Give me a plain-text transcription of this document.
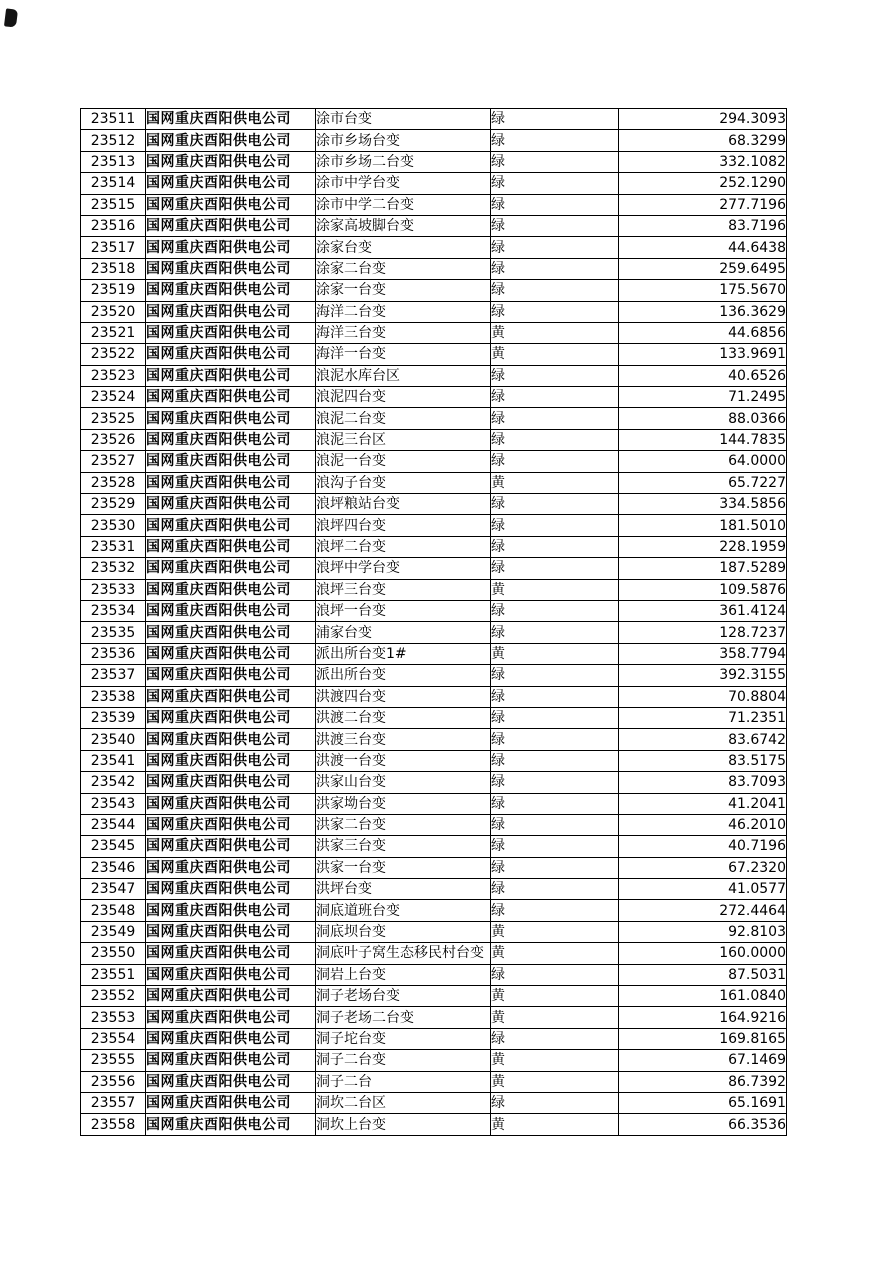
23511	国网重庆酉阳供电公司	涂市台变	绿	294.3093
23512	国网重庆酉阳供电公司	涂市乡场台变	绿	68.3299
23513	国网重庆酉阳供电公司	涂市乡场二台变	绿	332.1082
23514	国网重庆酉阳供电公司	涂市中学台变	绿	252.1290
23515	国网重庆酉阳供电公司	涂市中学二台变	绿	277.7196
23516	国网重庆酉阳供电公司	涂家高坡脚台变	绿	83.7196
23517	国网重庆酉阳供电公司	涂家台变	绿	44.6438
23518	国网重庆酉阳供电公司	涂家二台变	绿	259.6495
23519	国网重庆酉阳供电公司	涂家一台变	绿	175.5670
23520	国网重庆酉阳供电公司	海洋二台变	绿	136.3629
23521	国网重庆酉阳供电公司	海洋三台变	黄	44.6856
23522	国网重庆酉阳供电公司	海洋一台变	黄	133.9691
23523	国网重庆酉阳供电公司	浪泥水库台区	绿	40.6526
23524	国网重庆酉阳供电公司	浪泥四台变	绿	71.2495
23525	国网重庆酉阳供电公司	浪泥二台变	绿	88.0366
23526	国网重庆酉阳供电公司	浪泥三台区	绿	144.7835
23527	国网重庆酉阳供电公司	浪泥一台变	绿	64.0000
23528	国网重庆酉阳供电公司	浪沟子台变	黄	65.7227
23529	国网重庆酉阳供电公司	浪坪粮站台变	绿	334.5856
23530	国网重庆酉阳供电公司	浪坪四台变	绿	181.5010
23531	国网重庆酉阳供电公司	浪坪二台变	绿	228.1959
23532	国网重庆酉阳供电公司	浪坪中学台变	绿	187.5289
23533	国网重庆酉阳供电公司	浪坪三台变	黄	109.5876
23534	国网重庆酉阳供电公司	浪坪一台变	绿	361.4124
23535	国网重庆酉阳供电公司	浦家台变	绿	128.7237
23536	国网重庆酉阳供电公司	派出所台变1#	黄	358.7794
23537	国网重庆酉阳供电公司	派出所台变	绿	392.3155
23538	国网重庆酉阳供电公司	洪渡四台变	绿	70.8804
23539	国网重庆酉阳供电公司	洪渡二台变	绿	71.2351
23540	国网重庆酉阳供电公司	洪渡三台变	绿	83.6742
23541	国网重庆酉阳供电公司	洪渡一台变	绿	83.5175
23542	国网重庆酉阳供电公司	洪家山台变	绿	83.7093
23543	国网重庆酉阳供电公司	洪家坳台变	绿	41.2041
23544	国网重庆酉阳供电公司	洪家二台变	绿	46.2010
23545	国网重庆酉阳供电公司	洪家三台变	绿	40.7196
23546	国网重庆酉阳供电公司	洪家一台变	绿	67.2320
23547	国网重庆酉阳供电公司	洪坪台变	绿	41.0577
23548	国网重庆酉阳供电公司	洞底道班台变	绿	272.4464
23549	国网重庆酉阳供电公司	洞底坝台变	黄	92.8103
23550	国网重庆酉阳供电公司	洞底叶子窝生态移民村台变	黄	160.0000
23551	国网重庆酉阳供电公司	洞岩上台变	绿	87.5031
23552	国网重庆酉阳供电公司	洞子老场台变	黄	161.0840
23553	国网重庆酉阳供电公司	洞子老场二台变	黄	164.9216
23554	国网重庆酉阳供电公司	洞子坨台变	绿	169.8165
23555	国网重庆酉阳供电公司	洞子二台变	黄	67.1469
23556	国网重庆酉阳供电公司	洞子二台	黄	86.7392
23557	国网重庆酉阳供电公司	洞坎二台区	绿	65.1691
23558	国网重庆酉阳供电公司	洞坎上台变	黄	66.3536
